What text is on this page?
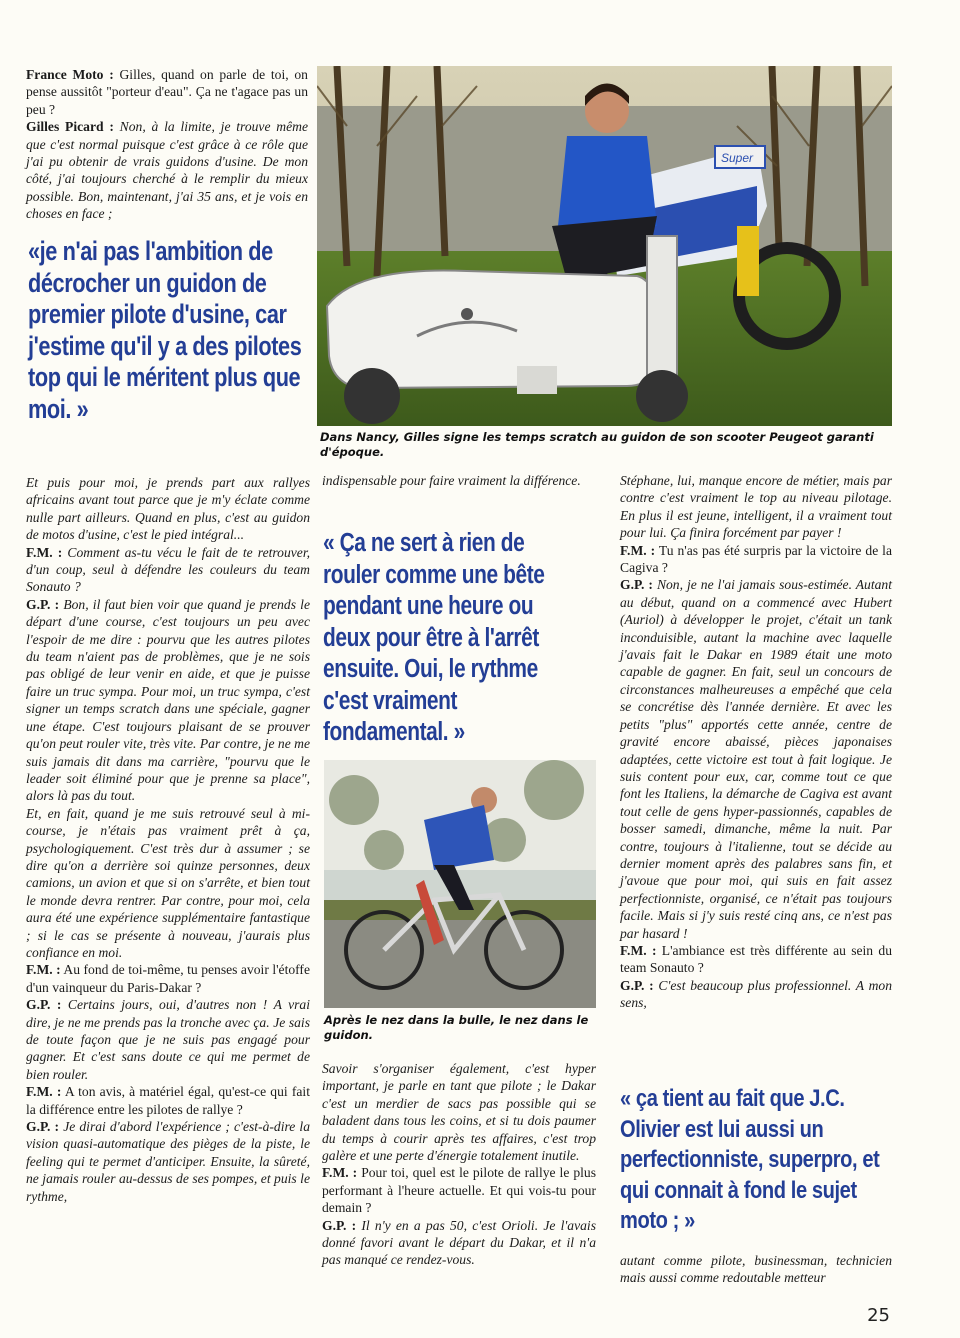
France Moto : Gilles, quand on parle de toi, on pense aussitôt "porteur d'eau". Ça ne t'agace pas un peu ?

Gilles Picard : Non, à la limite, je trouve même que c'est normal puisque c'est grâce à ce rôle que j'ai pu obtenir de vrais guidons d'usine. De mon côté, j'ai toujours cherché à le remplir du mieux possible. Bon, maintenant, j'ai 35 ans, et je vois en choses en face ;

«je n'ai pas l'ambition de décrocher un guidon de premier pilote d'usine, car j'estime qu'il y a des pilotes top qui le méritent plus que moi. »
Super
Dans Nancy, Gilles signe les temps scratch au guidon de son scooter Peugeot garanti d'époque.

Et puis pour moi, je prends part aux rallyes africains avant tout parce que je m'y éclate comme nulle part ailleurs. Quand en plus, c'est au guidon de motos d'usine, c'est le pied intégral...

F.M. : Comment as-tu vécu le fait de te retrouver, d'un coup, seul à défendre les couleurs du team Sonauto ?

G.P. : Bon, il faut bien voir que quand je prends le départ d'une course, c'est toujours un peu avec l'espoir de me dire : pourvu que les autres pilotes du team n'aient pas de problèmes, que je ne sois pas obligé de leur venir en aide, et que je puisse faire un truc sympa. Pour moi, un truc sympa, c'est signer un temps scratch dans une spéciale, gagner une étape. C'est toujours plaisant de se prouver qu'on peut rouler vite, très vite. Par contre, je ne me suis jamais dit dans ma carrière, "pourvu que le leader soit éliminé pour que je prenne sa place", alors là pas du tout.

Et, en fait, quand je me suis retrouvé seul à mi-course, je n'étais pas vraiment prêt à ça, psychologiquement. C'est très dur à assumer ; se dire qu'on a derrière soi quinze personnes, deux camions, un avion et que si on s'arrête, et bien tout le monde devra rentrer. Par contre, pour moi, cela aura été une expérience supplémentaire fantastique ; si le cas se présente à nouveau, j'aurais plus confiance en moi.

F.M. : Au fond de toi-même, tu penses avoir l'étoffe d'un vainqueur du Paris-Dakar ?

G.P. : Certains jours, oui, d'autres non ! A vrai dire, je ne me prends pas la tronche avec ça. Je sais de toute façon que je ne suis pas engagé pour gagner. Et c'est sans doute ce qui me permet de bien rouler.

F.M. : A ton avis, à matériel égal, qu'est-ce qui fait la différence entre les pilotes de rallye ?

G.P. : Je dirai d'abord l'expérience ; c'est-à-dire la vision quasi-automatique des pièges de la piste, le feeling qui te permet d'anticiper. Ensuite, la sûreté, ne jamais rouler au-dessus de ses pompes, et puis le rythme,

indispensable pour faire vraiment la différence.

« Ça ne sert à rien de rouler comme une bête pendant une heure ou deux pour être à l'arrêt ensuite. Oui, le rythme c'est vraiment fondamental. »
Après le nez dans la bulle, le nez dans le guidon.

Savoir s'organiser également, c'est hyper important, je parle en tant que pilote ; le Dakar c'est un merdier de sacs pas possible qui se baladent dans tous les coins, et si tu dois paumer du temps à courir après tes affaires, c'est trop galère et une perte d'énergie totalement inutile.

F.M. : Pour toi, quel est le pilote de rallye le plus performant à l'heure actuelle. Et qui vois-tu pour demain ?

G.P. : Il n'y en a pas 50, c'est Orioli. Je l'avais donné favori avant le départ du Dakar, et il n'a pas manqué ce rendez-vous.

Stéphane, lui, manque encore de métier, mais par contre c'est vraiment le top au niveau pilotage. En plus il est jeune, intelligent, il a vraiment tout pour lui. Ça finira forcément par payer !

F.M. : Tu n'as pas été surpris par la victoire de la Cagiva ?

G.P. : Non, je ne l'ai jamais sous-estimée. Autant au début, quand on a commencé avec Hubert (Auriol) à développer le projet, c'était un tank inconduisible, autant la machine avec laquelle j'avais fait le Dakar en 1989 était une moto capable de gagner. En fait, seul un concours de circonstances malheureuses a empêché que cela se concrétise dès l'année dernière. Et avec les petits "plus" apportés cette année, centre de gravité encore abaissé, pièces japonaises adaptées, cette victoire est tout à fait logique. Je suis content pour eux, car, comme tout ce que font les Italiens, la démarche de Cagiva est avant tout celle de gens hyper-passionnés, capables de bosser samedi, dimanche, même la nuit. Par contre, toujours à l'italienne, tout se décide au dernier moment après des palabres sans fin, et j'avoue que pour moi, qui suis en fait assez perfectionniste, organisé, ce n'était pas toujours facile. Mais si j'y suis resté cinq ans, ce n'est pas par hasard !

F.M. : L'ambiance est très différente au sein du team Sonauto ?

G.P. : C'est beaucoup plus professionnel. A mon sens,

« ça tient au fait que J.C. Olivier est lui aussi un perfectionniste, superpro, et qui connait à fond le sujet moto ; »

autant comme pilote, businessman, technicien mais aussi comme redoutable metteur

25
